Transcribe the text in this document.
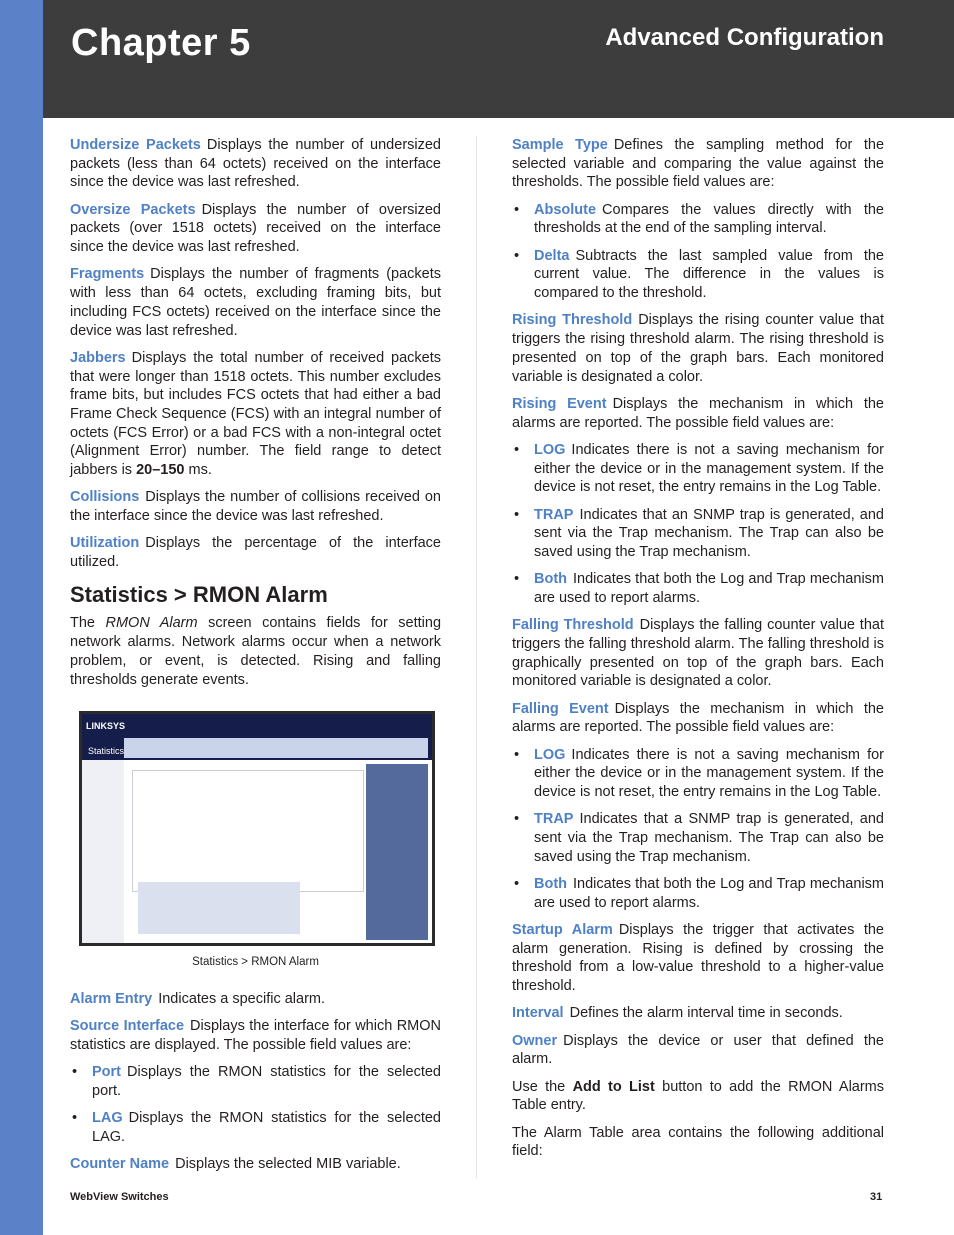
Chapter 5	Advanced Configuration

Undersize Packets Displays the number of undersized packets (less than 64 octets) received on the interface since the device was last refreshed.

Oversize Packets Displays the number of oversized packets (over 1518 octets) received on the interface since the device was last refreshed.

Fragments Displays the number of fragments (packets with less than 64 octets, excluding framing bits, but including FCS octets) received on the interface since the device was last refreshed.

Jabbers Displays the total number of received packets that were longer than 1518 octets. This number excludes frame bits, but includes FCS octets that had either a bad Frame Check Sequence (FCS) with an integral number of octets (FCS Error) or a bad FCS with a non-integral octet (Alignment Error) number. The field range to detect jabbers is 20–150 ms.

Collisions Displays the number of collisions received on the interface since the device was last refreshed.

Utilization Displays the percentage of the interface utilized.

Statistics > RMON Alarm

The RMON Alarm screen contains fields for setting network alarms. Network alarms occur when a network problem, or event, is detected. Rising and falling thresholds generate events.

LINKSYS
Statistics
Statistics > RMON Alarm

Alarm Entry Indicates a specific alarm.

Source Interface Displays the interface for which RMON statistics are displayed. The possible field values are:

• Port Displays the RMON statistics for the selected port.
• LAG Displays the RMON statistics for the selected LAG.

Counter Name Displays the selected MIB variable.

Sample Type Defines the sampling method for the selected variable and comparing the value against the thresholds. The possible field values are:

• Absolute Compares the values directly with the thresholds at the end of the sampling interval.
• Delta Subtracts the last sampled value from the current value. The difference in the values is compared to the threshold.

Rising Threshold Displays the rising counter value that triggers the rising threshold alarm. The rising threshold is presented on top of the graph bars. Each monitored variable is designated a color.

Rising Event Displays the mechanism in which the alarms are reported. The possible field values are:

• LOG Indicates there is not a saving mechanism for either the device or in the management system. If the device is not reset, the entry remains in the Log Table.
• TRAP Indicates that an SNMP trap is generated, and sent via the Trap mechanism. The Trap can also be saved using the Trap mechanism.
• Both Indicates that both the Log and Trap mechanism are used to report alarms.

Falling Threshold Displays the falling counter value that triggers the falling threshold alarm. The falling threshold is graphically presented on top of the graph bars. Each monitored variable is designated a color.

Falling Event Displays the mechanism in which the alarms are reported. The possible field values are:

• LOG Indicates there is not a saving mechanism for either the device or in the management system. If the device is not reset, the entry remains in the Log Table.
• TRAP Indicates that a SNMP trap is generated, and sent via the Trap mechanism. The Trap can also be saved using the Trap mechanism.
• Both Indicates that both the Log and Trap mechanism are used to report alarms.

Startup Alarm Displays the trigger that activates the alarm generation. Rising is defined by crossing the threshold from a low-value threshold to a higher-value threshold.

Interval Defines the alarm interval time in seconds.

Owner Displays the device or user that defined the alarm.

Use the Add to List button to add the RMON Alarms Table entry.

The Alarm Table area contains the following additional field:

WebView Switches	31
